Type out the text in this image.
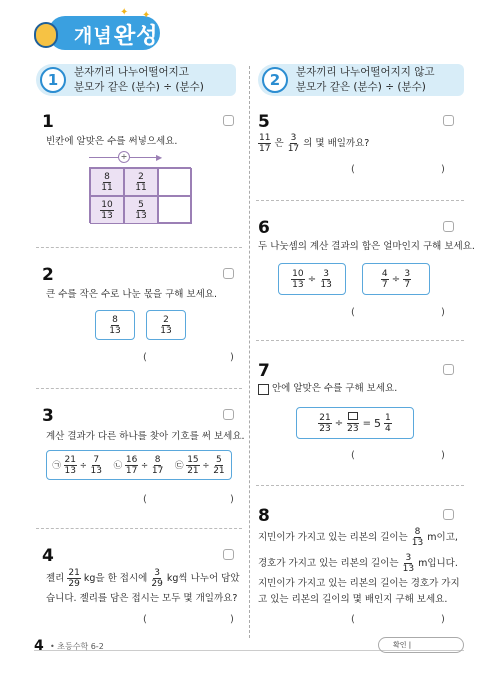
개념 완성
✦ ✦
1	분자끼리 나누어떨어지고
분모가 같은 (분수) ÷ (분수)	2	분자끼리 나누어떨어지지 않고
분모가 같은 (분수) ÷ (분수)
1
빈칸에 알맞은 수를 써넣으세요.
▶
÷
$\frac{8}{11} \frac{2}{11}$
$\frac{10}{13} \frac{5}{13}$
2
큰 수를 작은 수로 나눈 몫을 구해 보세요.
$\frac{8}{13}$	$\frac{2}{13}$
(	)
3
계산 결과가 다른 하나를 찾아 기호를 써 보세요.
㉠ $\frac{21}{13} \div \frac{7}{13}$ ㉡ $\frac{16}{17} \div \frac{8}{17}$ ㉢ $\frac{15}{21} \div \frac{5}{21}$
(	)
4
젤리 $\frac{21}{29}$ kg을 한 접시에 $\frac{3}{29}$ kg씩 나누어 담았
습니다. 젤리를 담은 접시는 모두 몇 개일까요?
(	)
5
$\frac{11}{17}$ 은 $\frac{3}{17}$ 의 몇 배일까요?
(	)
6
두 나눗셈의 계산 결과의 합은 얼마인지 구해 보세요.
$\frac{10}{13} \div \frac{3}{13}$	$\frac{4}{7} \div \frac{3}{7}$
(	)
7
안에 알맞은 수를 구해 보세요.
$\frac{21}{23}$ ÷
23
= $5 \frac{1}{4}$
(	)
8
지민이가 가지고 있는 리본의 길이는 $\frac{8}{13}$ m이고,
경호가 가지고 있는 리본의 길이는 $\frac{3}{13}$ m입니다.
지민이가 가지고 있는 리본의 길이는 경호가 가지
고 있는 리본의 길이의 몇 배인지 구해 보세요.
(	)
4 • 초등수학 6-2	확인 |
